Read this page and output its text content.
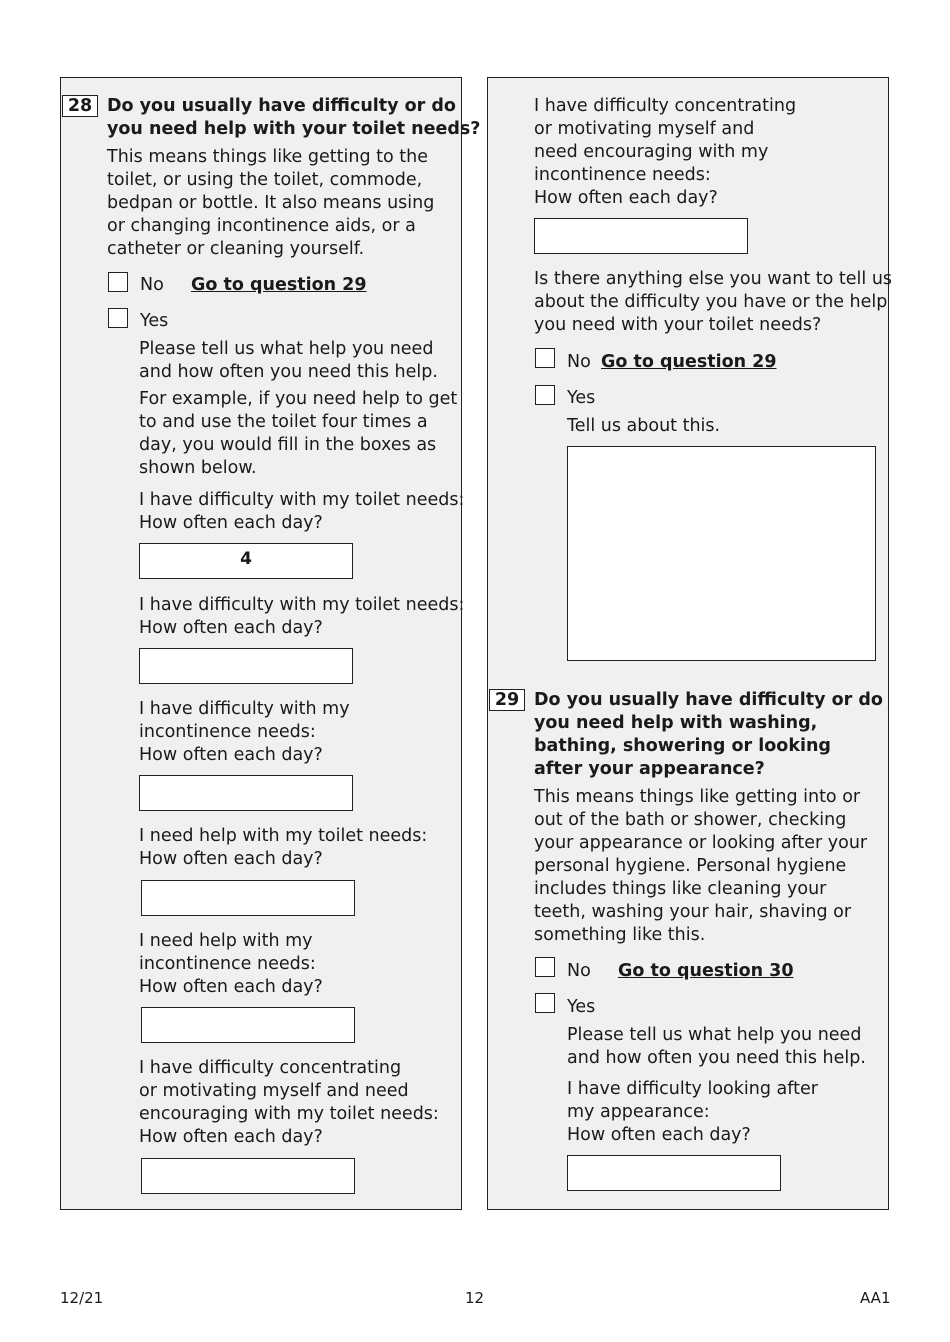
28 Do you usually have difficulty or do

you need help with your toilet needs?

This means things like getting to the

toilet, or using the toilet, commode,

bedpan or bottle. It also means using

or changing incontinence aids, or a

catheter or cleaning yourself.

No Go to question 29

Yes

Please tell us what help you need

and how often you need this help.

For example, if you need help to get

to and use the toilet four times a

day, you would fill in the boxes as

shown below.

I have difficulty with my toilet needs:

How often each day?

4

I have difficulty with my toilet needs:

How often each day?

I have difficulty with my

incontinence needs:

How often each day?

I need help with my toilet needs:

How often each day?

I need help with my

incontinence needs:

How often each day?

I have difficulty concentrating

or motivating myself and need

encouraging with my toilet needs:

How often each day?

I have difficulty concentrating

or motivating myself and

need encouraging with my

incontinence needs:

How often each day?

Is there anything else you want to tell us

about the difficulty you have or the help

you need with your toilet needs?

No Go to question 29

Yes

Tell us about this.

29 Do you usually have difficulty or do

you need help with washing,

bathing, showering or looking

after your appearance?

This means things like getting into or

out of the bath or shower, checking

your appearance or looking after your

personal hygiene. Personal hygiene

includes things like cleaning your

teeth, washing your hair, shaving or

something like this.

No Go to question 30

Yes

Please tell us what help you need

and how often you need this help.

I have difficulty looking after

my appearance:

How often each day?

12/21	12	AA1
